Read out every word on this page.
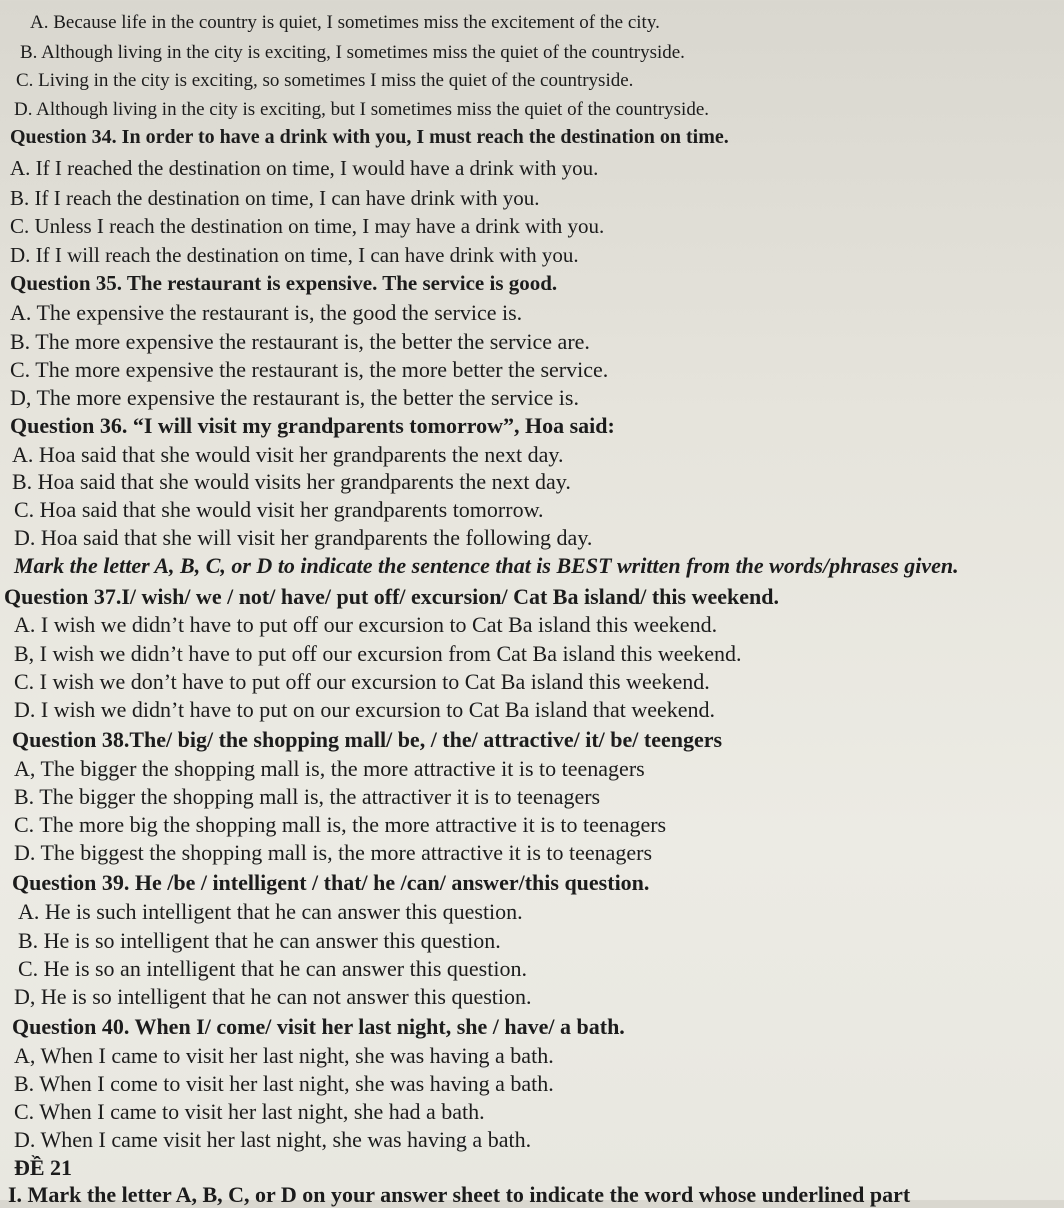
A. Because life in the country is quiet, I sometimes miss the excitement of the city.
B. Although living in the city is exciting, I sometimes miss the quiet of the countryside.
C. Living in the city is exciting, so sometimes I miss the quiet of the countryside.
D. Although living in the city is exciting, but I sometimes miss the quiet of the countryside.
Question 34. In order to have a drink with you, I must reach the destination on time.
A. If I reached the destination on time, I would have a drink with you.
B. If I reach the destination on time, I can have drink with you.
C. Unless I reach the destination on time, I may have a drink with you.
D. If I will reach the destination on time, I can have drink with you.
Question 35. The restaurant is expensive. The service is good.
A. The expensive the restaurant is, the good the service is.
B. The more expensive the restaurant is, the better the service are.
C. The more expensive the restaurant is, the more better the service.
D, The more expensive the restaurant is, the better the service is.
Question 36. “I will visit my grandparents tomorrow”, Hoa said:
A. Hoa said that she would visit her grandparents the next day.
B. Hoa said that she would visits her grandparents the next day.
C. Hoa said that she would visit her grandparents tomorrow.
D. Hoa said that she will visit her grandparents the following day.
Mark the letter A, B, C, or D to indicate the sentence that is BEST written from the words/phrases given.
Question 37.I/ wish/ we / not/ have/ put off/ excursion/ Cat Ba island/ this weekend.
A. I wish we didn’t have to put off our excursion to Cat Ba island this weekend.
B, I wish we didn’t have to put off our excursion from Cat Ba island this weekend.
C. I wish we don’t have to put off our excursion to Cat Ba island this weekend.
D. I wish we didn’t have to put on our excursion to Cat Ba island that weekend.
Question 38.The/ big/ the shopping mall/ be, / the/ attractive/ it/ be/ teengers
A, The bigger the shopping mall is, the more attractive it is to teenagers
B. The bigger the shopping mall is, the attractiver it is to teenagers
C. The more big the shopping mall is, the more attractive it is to teenagers
D. The biggest the shopping mall is, the more attractive it is to teenagers
Question 39. He /be / intelligent / that/ he /can/ answer/this question.
A. He is such intelligent that he can answer this question.
B. He is so intelligent that he can answer this question.
C. He is so an intelligent that he can answer this question.
D, He is so intelligent that he can not answer this question.
Question 40. When I/ come/ visit her last night, she / have/ a bath.
A, When I came to visit her last night, she was having a bath.
B. When I come to visit her last night, she was having a bath.
C. When I came to visit her last night, she had a bath.
D. When I came visit her last night, she was having a bath.
ĐỀ 21
I. Mark the letter A, B, C, or D on your answer sheet to indicate the word whose underlined part
